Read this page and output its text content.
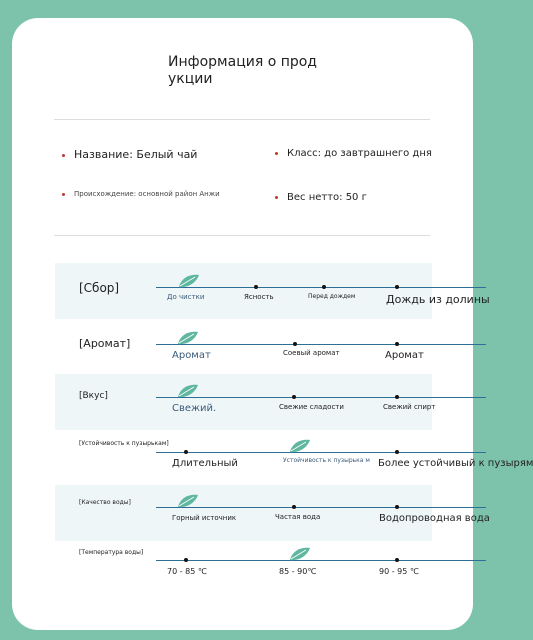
Информация о прод
укции
Название: Белый чай	Класс: до завтрашнего дня
Происхождение: основной район Анжи	Вес нетто: 50 г
[Сбор]
До чистки	Ясность	Перед дождем	Дождь из долины
[Аромат]
Аромат	Соевый аромат	Аромат
[Вкус]
Свежий.	Свежие сладости	Свежий спирт
[Устойчивость к пузырькам]
Длительный	Устойчивость к пузырька м Более устойчивый к пузырям
[Качество воды]
Горный источник	Частая вода	Водопроводная вода
[Температура воды]
70 - 85 ℃	85 - 90℃	90 - 95 ℃
